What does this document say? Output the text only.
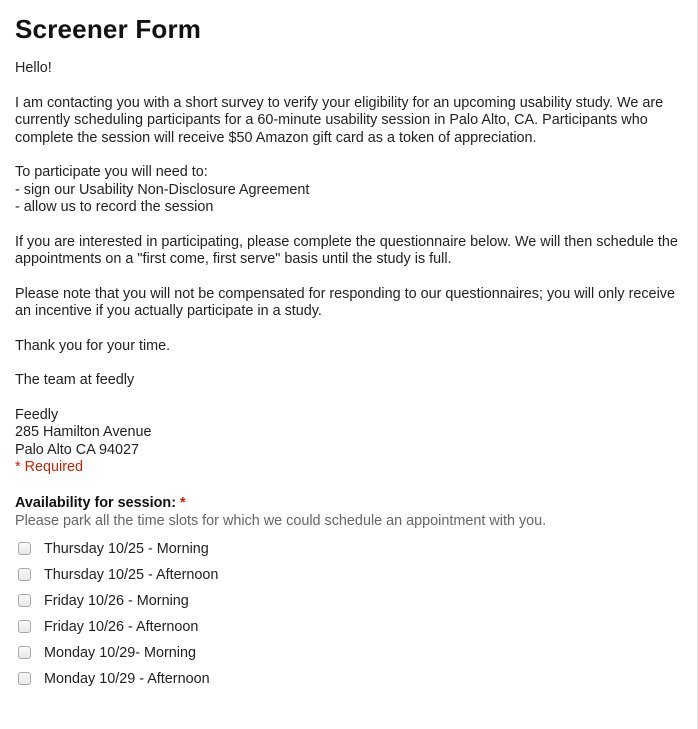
Screener Form

Hello!

I am contacting you with a short survey to verify your eligibility for an upcoming usability study. We are currently scheduling participants for a 60-minute usability session in Palo Alto, CA. Participants who complete the session will receive $50 Amazon gift card as a token of appreciation.

To participate you will need to:

- sign our Usability Non-Disclosure Agreement

- allow us to record the session

If you are interested in participating, please complete the questionnaire below. We will then schedule the appointments on a "first come, first serve" basis until the study is full.

Please note that you will not be compensated for responding to our questionnaires; you will only receive an incentive if you actually participate in a study.

Thank you for your time.

The team at feedly

Feedly

285 Hamilton Avenue

Palo Alto CA 94027

* Required

Availability for session: *
Please park all the time slots for which we could schedule an appointment with you.
Thursday 10/25 - Morning
Thursday 10/25 - Afternoon
Friday 10/26 - Morning
Friday 10/26 - Afternoon
Monday 10/29- Morning
Monday 10/29 - Afternoon
